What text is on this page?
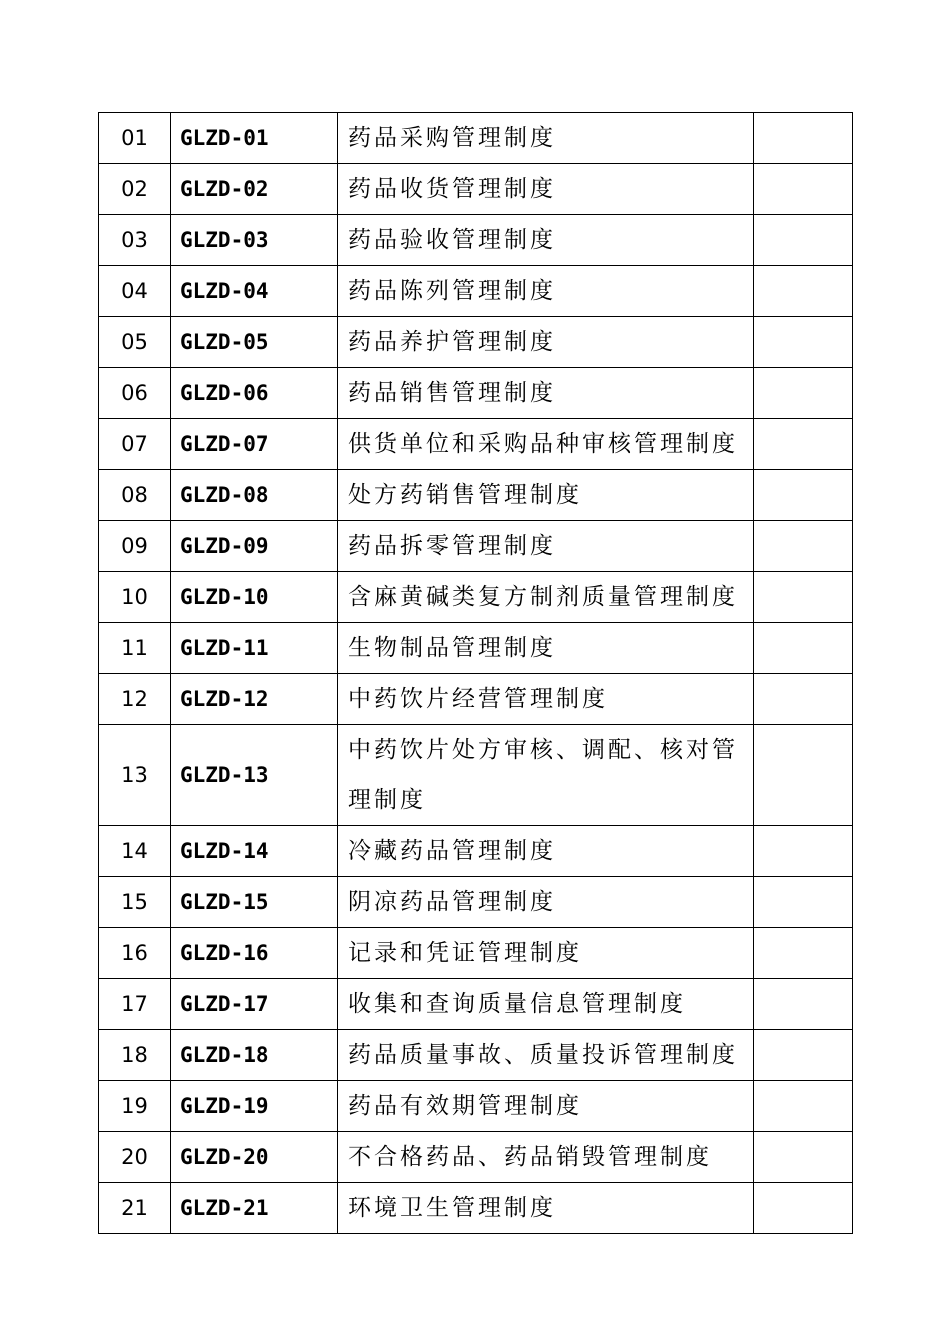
01	GLZD-01	药品采购管理制度	
02	GLZD-02	药品收货管理制度	
03	GLZD-03	药品验收管理制度	
04	GLZD-04	药品陈列管理制度	
05	GLZD-05	药品养护管理制度	
06	GLZD-06	药品销售管理制度	
07	GLZD-07	供货单位和采购品种审核管理制度	
08	GLZD-08	处方药销售管理制度	
09	GLZD-09	药品拆零管理制度	
10	GLZD-10	含麻黄碱类复方制剂质量管理制度	
11	GLZD-11	生物制品管理制度	
12	GLZD-12	中药饮片经营管理制度	
13	GLZD-13	中药饮片处方审核、调配、核对管理制度	
14	GLZD-14	冷藏药品管理制度	
15	GLZD-15	阴凉药品管理制度	
16	GLZD-16	记录和凭证管理制度	
17	GLZD-17	收集和查询质量信息管理制度	
18	GLZD-18	药品质量事故、质量投诉管理制度	
19	GLZD-19	药品有效期管理制度	
20	GLZD-20	不合格药品、药品销毁管理制度	
21	GLZD-21	环境卫生管理制度	
